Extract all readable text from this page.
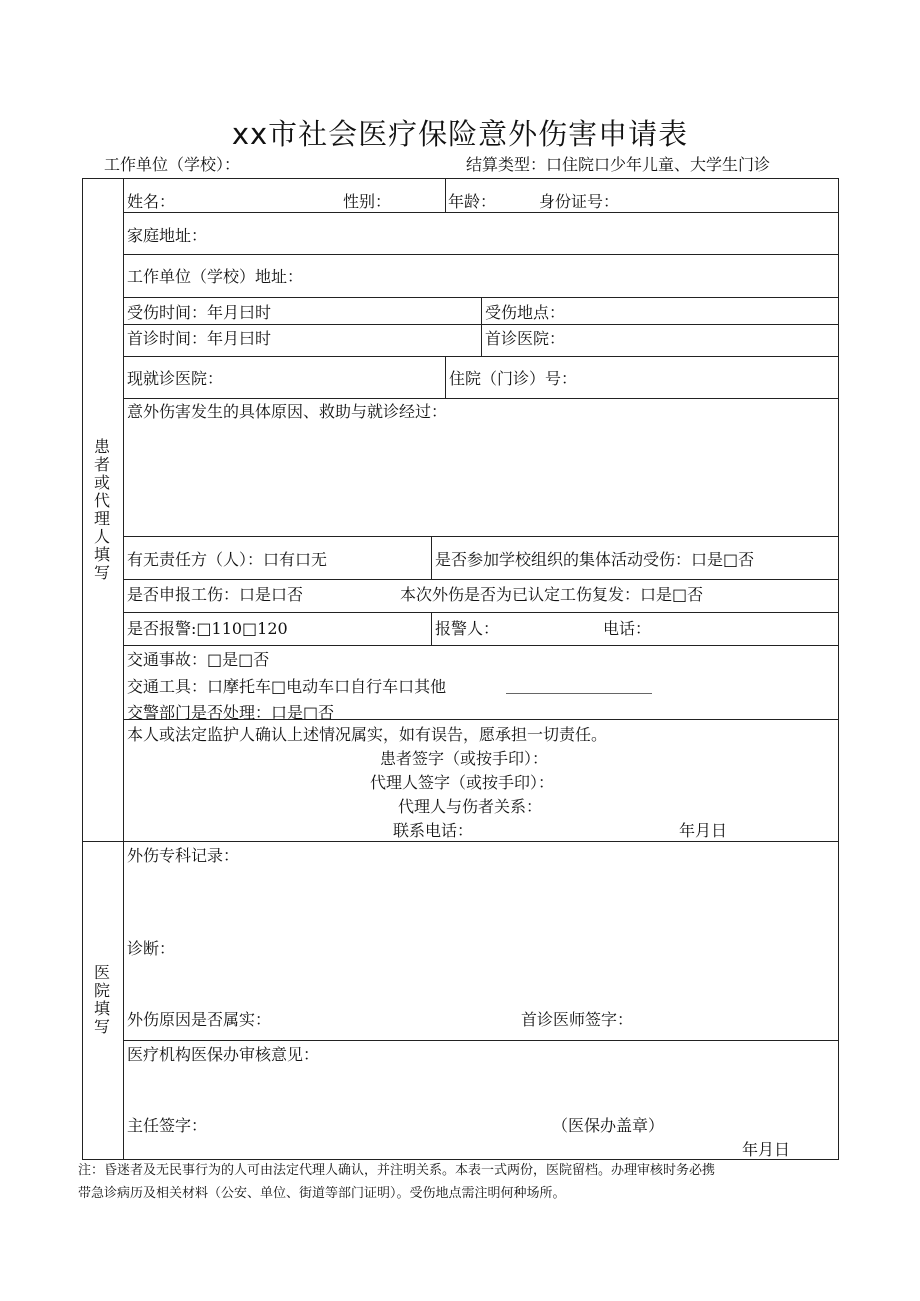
xx市社会医疗保险意外伤害申请表
工作单位（学校）：	结算类型：口住院口少年儿童、大学生门诊
患者或代理人填写
医院填写
姓名：	性别：	年龄：	身份证号：
家庭地址：
工作单位（学校）地址：
受伤时间：年月曰时	受伤地点：
首诊时间：年月曰时	首诊医院：
现就诊医院：	住院（门诊）号：
意外伤害发生的具体原因、救助与就诊经过：
有无责任方（人）：口有口无	是否参加学校组织的集体活动受伤：口是□否
是否申报工伤：口是口否	本次外伤是否为已认定工伤复发：口是□否
是否报警:□110□120	报警人：	电话：
交通事故：□是□否
交通工具：口摩托车□电动车口自行车口其他
交警部门是否处理：口是□否
本人或法定监护人确认上述情况属实，如有误告，愿承担一切责任。
患者签字（或按手印）：
代理人签字（或按手印）：
代理人与伤者关系：
联系电话：	年月日
外伤专科记录：
诊断：
外伤原因是否属实：	首诊医师签字：
医疗机构医保办审核意见：
主任签字：	（医保办盖章）
年月日
注：昏迷者及无民事行为的人可由法定代理人确认，并注明关系。本表一式两份，医院留档。办理审核时务必携
带急诊病历及相关材料（公安、单位、街道等部门证明）。受伤地点需注明何种场所。
